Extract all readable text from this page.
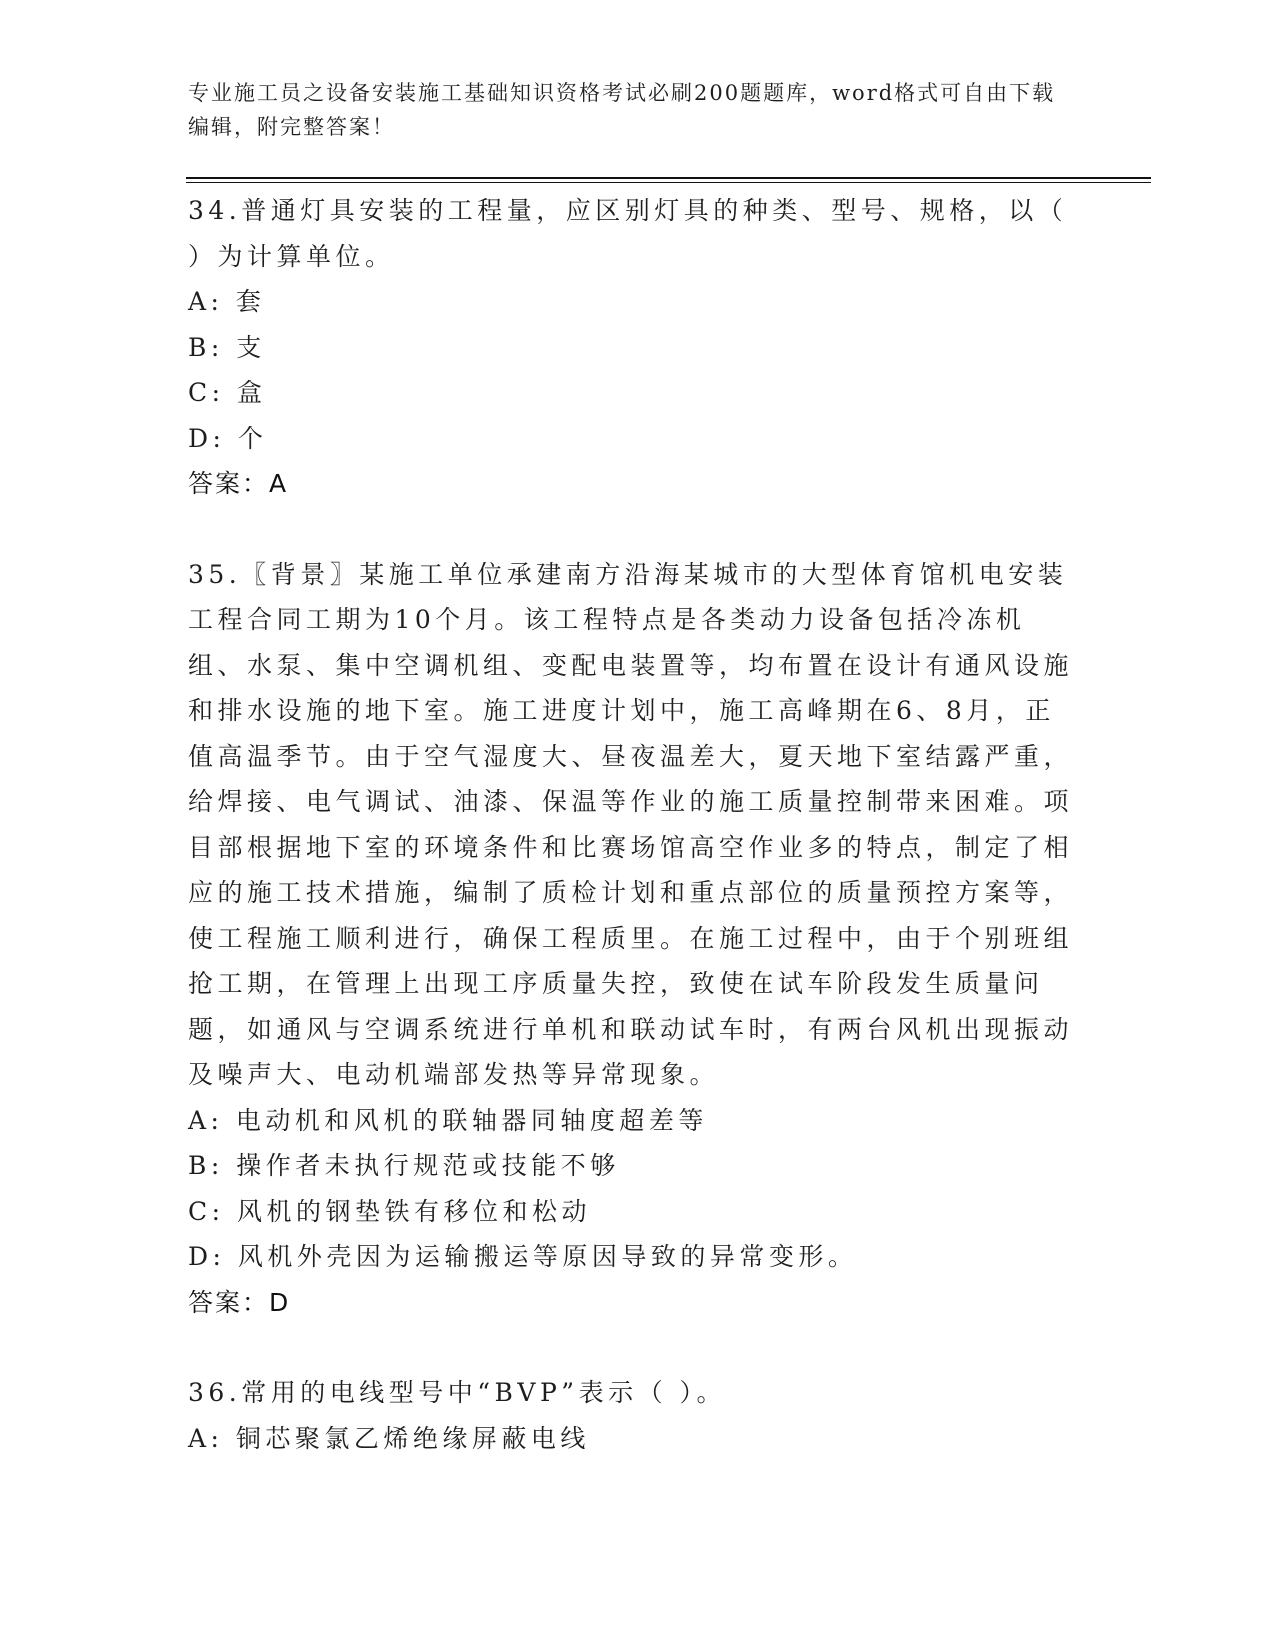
专业施工员之设备安装施工基础知识资格考试必刷200题题库，word格式可自由下载编辑，附完整答案！

34.普通灯具安装的工程量，应区别灯具的种类、型号、规格，以（ ）为计算单位。

A: 套

B: 支

C: 盒

D: 个

答案：A

35.〖背景〗某施工单位承建南方沿海某城市的大型体育馆机电安装工程合同工期为10个月。该工程特点是各类动力设备包括冷冻机组、水泵、集中空调机组、变配电装置等，均布置在设计有通风设施和排水设施的地下室。施工进度计划中，施工高峰期在6、8月，正值高温季节。由于空气湿度大、昼夜温差大，夏天地下室结露严重，给焊接、电气调试、油漆、保温等作业的施工质量控制带来困难。项目部根据地下室的环境条件和比赛场馆高空作业多的特点，制定了相应的施工技术措施，编制了质检计划和重点部位的质量预控方案等，使工程施工顺利进行，确保工程质里。在施工过程中，由于个别班组抢工期，在管理上出现工序质量失控，致使在试车阶段发生质量问题，如通风与空调系统进行单机和联动试车时，有两台风机出现振动及噪声大、电动机端部发热等异常现象。

A: 电动机和风机的联轴器同轴度超差等

B: 操作者未执行规范或技能不够

C: 风机的钢垫铁有移位和松动

D: 风机外壳因为运输搬运等原因导致的异常变形。

答案：D

36.常用的电线型号中“BVP”表示（ ）。

A: 铜芯聚氯乙烯绝缘屏蔽电线
